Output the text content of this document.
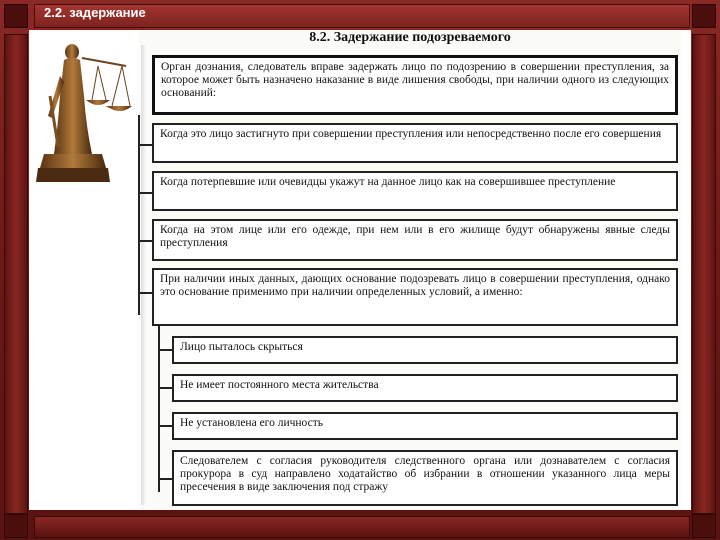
2.2. задержание
8.2. Задержание подозреваемого
Орган дознания, следователь вправе задержать лицо по подозрению в совершении преступления, за которое может быть назначено наказание в виде лишения свободы, при наличии одного из следующих оснований:
Когда это лицо застигнуто при совершении преступления или непосредственно после его совершения
Когда потерпевшие или очевидцы укажут на данное лицо как на совершившее преступление
Когда на этом лице или его одежде, при нем или в его жилище будут обнаружены явные следы преступления
При наличии иных данных, дающих основание подозревать лицо в совершении преступления, однако это основание применимо при наличии определенных условий, а именно:
Лицо пыталось скрыться
Не имеет постоянного места жительства
Не установлена его личность
Следователем с согласия руководителя следственного органа или дознавателем с согласия прокурора в суд направлено ходатайство об избрании в отношении указанного лица меры пресечения в виде заключения под стражу
